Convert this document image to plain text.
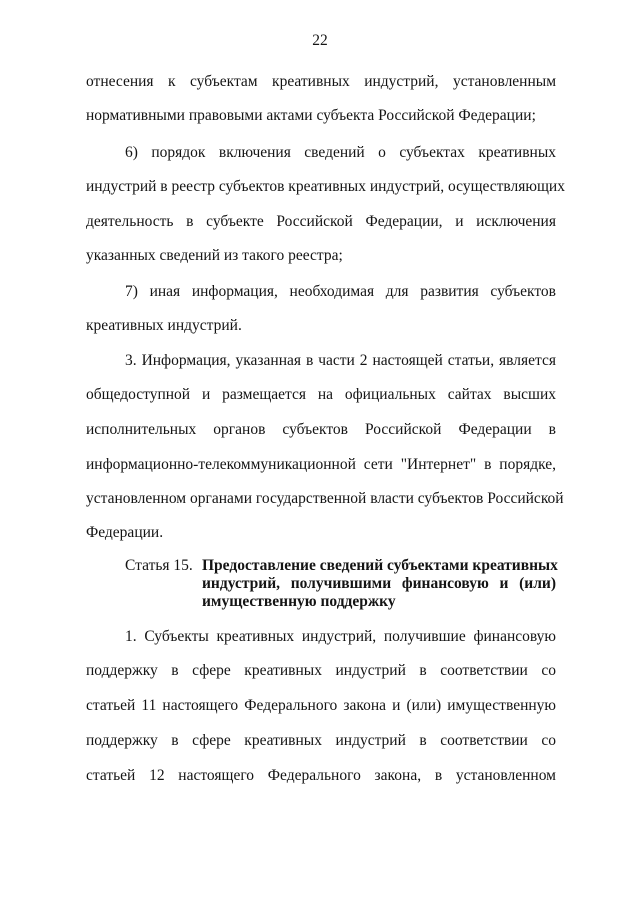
22
отнесения к субъектам креативных индустрий, установленным
нормативными правовыми актами субъекта Российской Федерации;
6) порядок включения сведений о субъектах креативных
индустрий в реестр субъектов креативных индустрий, осуществляющих
деятельность в субъекте Российской Федерации, и исключения
указанных сведений из такого реестра;
7) иная информация, необходимая для развития субъектов
креативных индустрий.
3. Информация, указанная в части 2 настоящей статьи, является
общедоступной и размещается на официальных сайтах высших
исполнительных органов субъектов Российской Федерации в
информационно-телекоммуникационной сети "Интернет" в порядке,
установленном органами государственной власти субъектов Российской
Федерации.
Статья 15. Предоставление сведений субъектами креативных
индустрий, получившими финансовую и (или)
имущественную поддержку
1. Субъекты креативных индустрий, получившие финансовую
поддержку в сфере креативных индустрий в соответствии со
статьей 11 настоящего Федерального закона и (или) имущественную
поддержку в сфере креативных индустрий в соответствии со
статьей 12 настоящего Федерального закона, в установленном
